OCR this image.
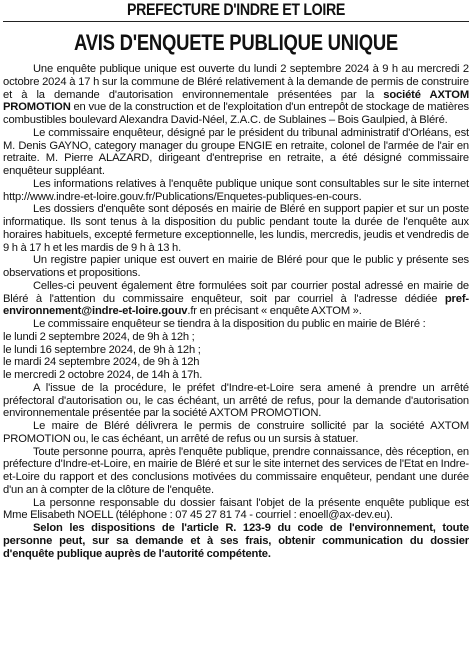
PREFECTURE D'INDRE ET LOIRE
AVIS D'ENQUETE PUBLIQUE UNIQUE

Une enquête publique unique est ouverte du lundi 2 septembre 2024 à 9 h au mercredi 2 octobre 2024 à 17 h sur la commune de Bléré relativement à la demande de permis de construire et à la demande d'autorisation environnementale présentées par la société AXTOM PROMOTION en vue de la construction et de l'exploitation d'un entrepôt de stockage de matières combustibles boulevard Alexandra David-Néel, Z.A.C. de Sublaines – Bois Gaulpied, à Bléré.

Le commissaire enquêteur, désigné par le président du tribunal administratif d'Orléans, est M. Denis GAYNO, category manager du groupe ENGIE en retraite, colonel de l'armée de l'air en retraite. M. Pierre ALAZARD, dirigeant d'entreprise en retraite, a été désigné commissaire enquêteur suppléant.

Les informations relatives à l'enquête publique unique sont consultables sur le site internet http://www.indre-et-loire.gouv.fr/Publications/Enquetes-publiques-en-cours.

Les dossiers d'enquête sont déposés en mairie de Bléré en support papier et sur un poste informatique. Ils sont tenus à la disposition du public pendant toute la durée de l'enquête aux horaires habituels, excepté fermeture exceptionnelle, les lundis, mercredis, jeudis et vendredis de 9 h à 17 h et les mardis de 9 h à 13 h.

Un registre papier unique est ouvert en mairie de Bléré pour que le public y présente ses observations et propositions.

Celles-ci peuvent également être formulées soit par courrier postal adressé en mairie de Bléré à l'attention du commissaire enquêteur, soit par courriel à l'adresse dédiée pref-environnement@indre-et-loire.gouv.fr en précisant « enquête AXTOM ».

Le commissaire enquêteur se tiendra à la disposition du public en mairie de Bléré :

le lundi 2 septembre 2024, de 9h à 12h ;

le lundi 16 septembre 2024, de 9h à 12h ;

le mardi 24 septembre 2024, de 9h à 12h

le mercredi 2 octobre 2024, de 14h à 17h.

A l'issue de la procédure, le préfet d'Indre-et-Loire sera amené à prendre un arrêté préfectoral d'autorisation ou, le cas échéant, un arrêté de refus, pour la demande d'autorisation environnementale présentée par la société AXTOM PROMOTION.

Le maire de Bléré délivrera le permis de construire sollicité par la société AXTOM PROMOTION ou, le cas échéant, un arrêté de refus ou un sursis à statuer.

Toute personne pourra, après l'enquête publique, prendre connaissance, dès réception, en préfecture d'Indre-et-Loire, en mairie de Bléré et sur le site internet des services de l'Etat en Indre-et-Loire du rapport et des conclusions motivées du commissaire enquêteur, pendant une durée d'un an à compter de la clôture de l'enquête.

La personne responsable du dossier faisant l'objet de la présente enquête publique est Mme Elisabeth NOELL (téléphone : 07 45 27 81 74 - courriel : enoell@ax-dev.eu).

Selon les dispositions de l'article R. 123-9 du code de l'environnement, toute personne peut, sur sa demande et à ses frais, obtenir communication du dossier d'enquête publique auprès de l'autorité compétente.
